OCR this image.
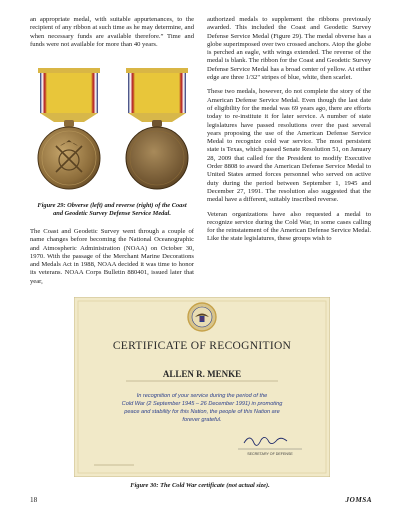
an appropriate medal, with suitable appurtenances, to the recipient of any ribbon at such time as he may determine, and when necessary funds are available therefore.” Time and funds were not available for more than 40 years.

Figure 29: Obverse (left) and reverse (right) of the Coast and Geodetic Survey Defense Service Medal.

The Coast and Geodetic Survey went through a couple of name changes before becoming the National Oceanographic and Atmospheric Administration (NOAA) on October 30, 1970. With the passage of the Merchant Marine Decorations and Medals Act in 1988, NOAA decided it was time to honor its veterans. NOAA Corps Bulletin 880401, issued later that year,

authorized medals to supplement the ribbons previously awarded. This included the Coast and Geodetic Survey Defense Service Medal (Figure 29). The medal obverse has a globe superimposed over two crossed anchors. Atop the globe is perched an eagle, with wings extended. The reverse of the medal is blank. The ribbon for the Coast and Geodetic Survey Defense Service Medal has a broad center of yellow. At either edge are three 1/32" stripes of blue, white, then scarlet.

These two medals, however, do not complete the story of the American Defense Service Medal. Even though the last date of eligibility for the medal was 69 years ago, there are efforts today to re-institute it for later service. A number of state legislatures have passed resolutions over the past several years proposing the use of the American Defense Service Medal to recognize cold war service. The most persistent state is Texas, which passed Senate Resolution 51, on January 28, 2009 that called for the President to modify Executive Order 8808 to award the American Defense Service Medal to United States armed forces personnel who served on active duty during the period between September 1, 1945 and December 27, 1991. The resolution also suggested that the medal have a different, suitably inscribed reverse.

Veteran organizations have also requested a medal to recognize service during the Cold War, in some cases calling for the reinstatement of the American Defense Service Medal. Like the state legislatures, these groups wish to

CERTIFICATE OF RECOGNITION
ALLEN R. MENKE
In recognition of your service during the period of the
Cold War (2 September 1945 – 26 December 1991) in promoting
peace and stability for this Nation, the people of this Nation are
forever grateful.
SECRETARY OF DEFENSE
Figure 30: The Cold War certificate (not actual size).
18	JOMSA
